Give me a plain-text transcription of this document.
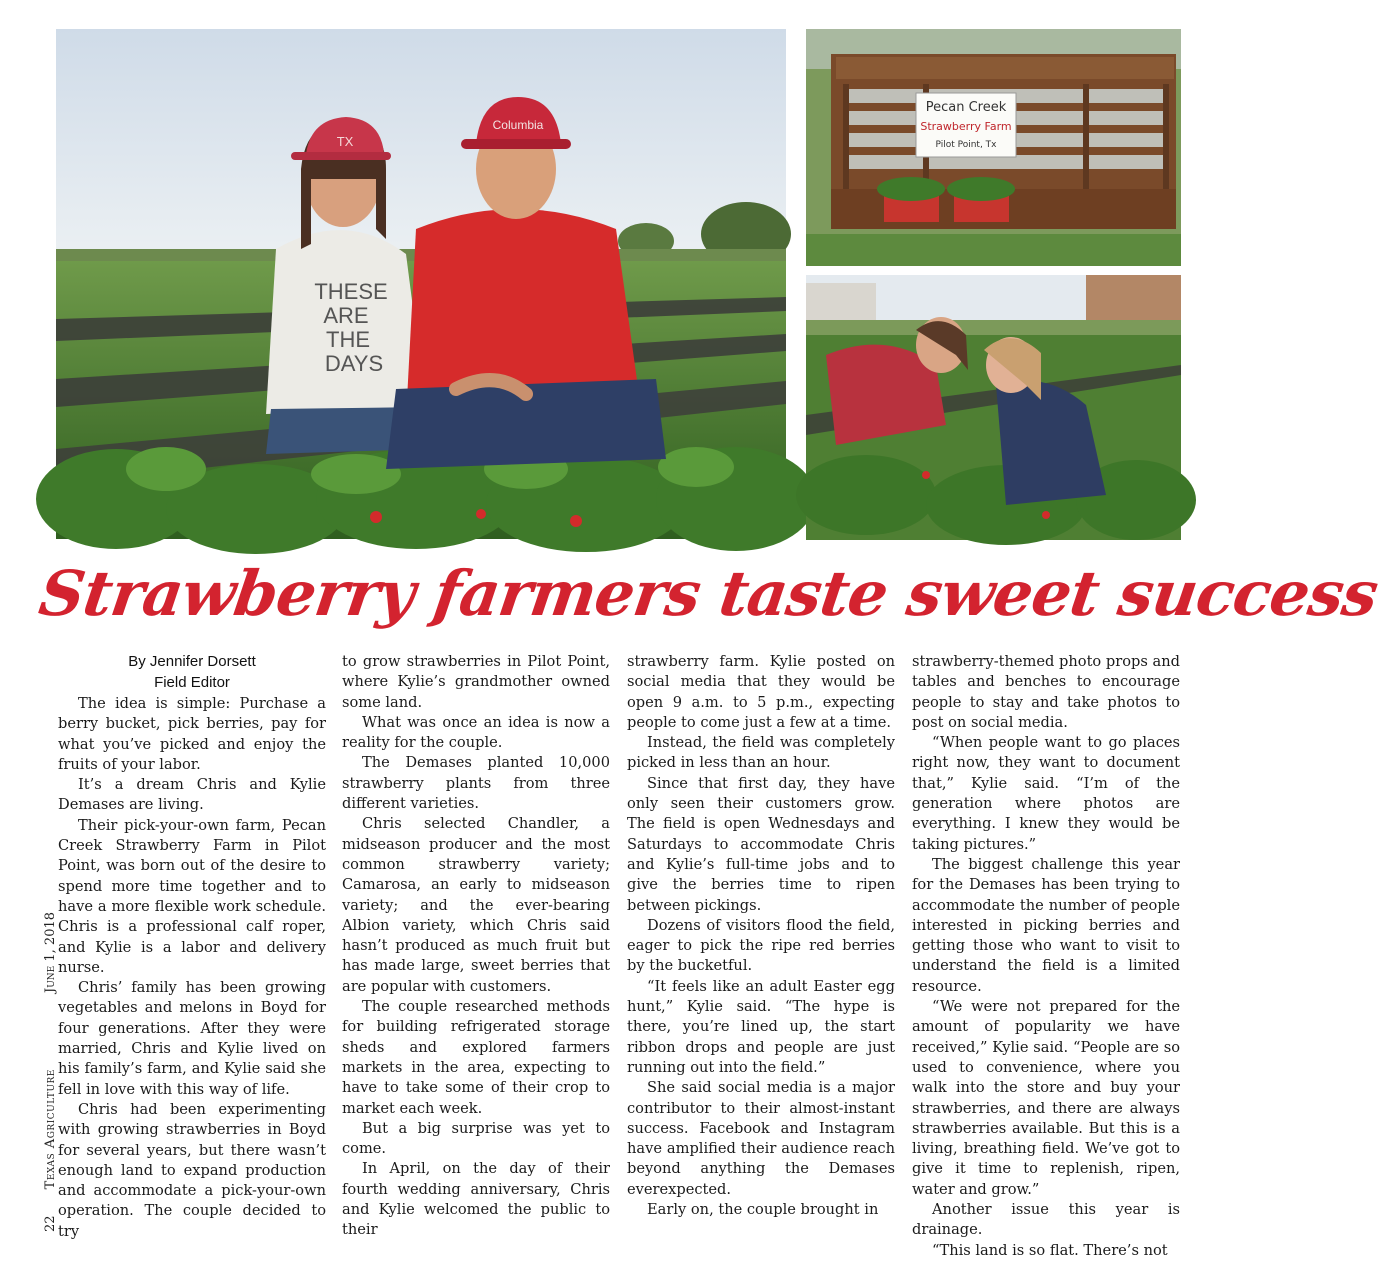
TX
THESE
ARE
THE
DAYS
Columbia
Pecan Creek
Strawberry Farm
Pilot Point, Tx
Strawberry farmers taste sweet success
By Jennifer Dorsett
Field Editor

The idea is simple: Purchase a berry bucket, pick berries, pay for what you’ve picked and enjoy the fruits of your labor.

It’s a dream Chris and Kylie Demases are living.

Their pick-your-own farm, Pecan Creek Strawberry Farm in Pilot Point, was born out of the desire to spend more time together and to have a more flexible work schedule. Chris is a professional calf roper, and Kylie is a labor and delivery nurse.

Chris’ family has been growing vegetables and melons in Boyd for four generations. After they were married, Chris and Kylie lived on his family’s farm, and Kylie said she fell in love with this way of life.

Chris had been experimenting with growing strawberries in Boyd for several years, but there wasn’t enough land to expand production and accommodate a pick-your-own operation. The couple decided to try

to grow strawberries in Pilot Point, where Kylie’s grandmother owned some land.

What was once an idea is now a reality for the couple.

The Demases planted 10,000 strawberry plants from three different varieties.

Chris selected Chandler, a midseason producer and the most common strawberry variety; Camarosa, an early to midseason variety; and the ever-bearing Albion variety, which Chris said hasn’t produced as much fruit but has made large, sweet berries that are popular with customers.

The couple researched methods for building refrigerated storage sheds and explored farmers markets in the area, expecting to have to take some of their crop to market each week.

But a big surprise was yet to come.

In April, on the day of their fourth wedding anniversary, Chris and Kylie welcomed the public to their

strawberry farm. Kylie posted on social media that they would be open 9 a.m. to 5 p.m., expecting people to come just a few at a time.

Instead, the field was completely picked in less than an hour.

Since that first day, they have only seen their customers grow. The field is open Wednesdays and Saturdays to accommodate Chris and Kylie’s full-time jobs and to give the berries time to ripen between pickings.

Dozens of visitors flood the field, eager to pick the ripe red berries by the bucketful.

“It feels like an adult Easter egg hunt,” Kylie said. “The hype is there, you’re lined up, the start ribbon drops and people are just running out into the field.”

She said social media is a major contributor to their almost-instant success. Facebook and Instagram have amplified their audience reach beyond anything the Demases everexpected.

Early on, the couple brought in

strawberry-themed photo props and tables and benches to encourage people to stay and take photos to post on social media.

“When people want to go places right now, they want to document that,” Kylie said. “I’m of the generation where photos are everything. I knew they would be taking pictures.”

The biggest challenge this year for the Demases has been trying to accommodate the number of people interested in picking berries and getting those who want to visit to understand the field is a limited resource.

“We were not prepared for the amount of popularity we have received,” Kylie said. “People are so used to convenience, where you walk into the store and buy your strawberries, and there are always strawberries available. But this is a living, breathing field. We’ve got to give it time to replenish, ripen, water and grow.”

Another issue this year is drainage.

“This land is so flat. There’s not

22 Texas Agriculture June 1, 2018
